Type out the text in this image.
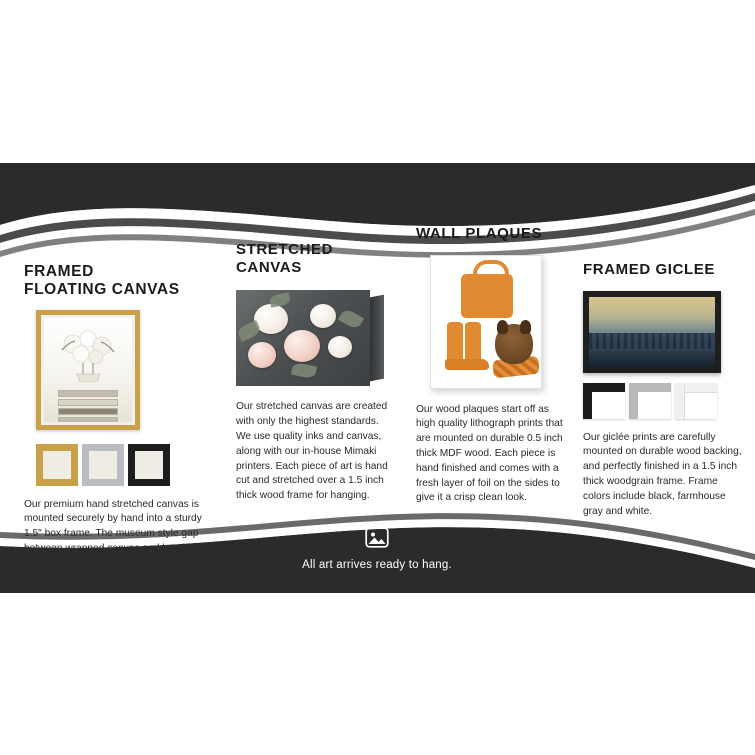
All art arrives ready to hang.
FRAMED
FLOATING CANVAS
Our premium hand stretched canvas is mounted securely by hand into a sturdy 1.5″ box frame. The museum style gap between wrapped canvas and box frame gives the illusion of floating artwork.
STRETCHED
CANVAS
Our stretched canvas are created with only the highest standards. We use quality inks and canvas, along with our in-house Mimaki printers. Each piece of art is hand cut and stretched over a 1.5 inch thick wood frame for hanging.
WALL PLAQUES
Our wood plaques start off as high quality lithograph prints that are mounted on durable 0.5 inch thick MDF wood. Each piece is hand finished and comes with a fresh layer of foil on the sides to give it a crisp clean look.
FRAMED GICLEE
Our giclée prints are carefully mounted on durable wood backing, and perfectly finished in a 1.5 inch thick woodgrain frame. Frame colors include black, farmhouse gray and white.
